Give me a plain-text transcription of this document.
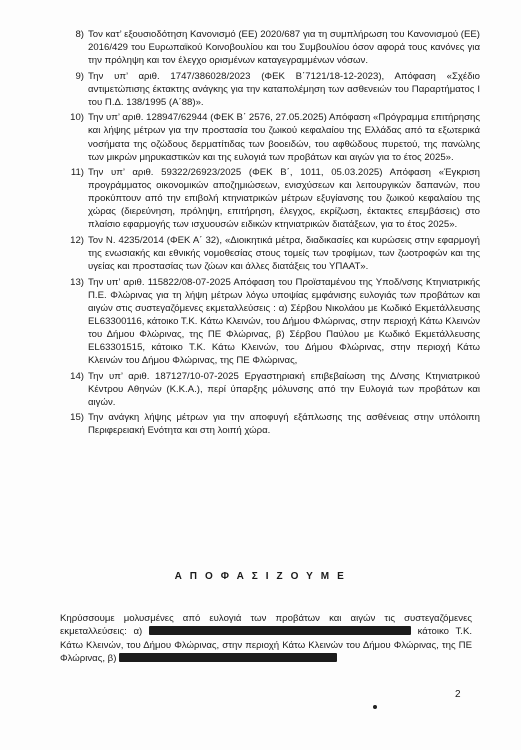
8) Τον κατ’ εξουσιοδότηση Κανονισμό (ΕΕ) 2020/687 για τη συμπλήρωση του Κανονισμού (ΕΕ) 2016/429 του Ευρωπαϊκού Κοινοβουλίου και του Συμβουλίου όσον αφορά τους κανόνες για την πρόληψη και τον έλεγχο ορισμένων καταγεγραμμένων νόσων.
9) Την υπ’ αριθ. 1747/386028/2023 (ΦΕΚ Β΄7121/18-12-2023), Απόφαση «Σχέδιο αντιμετώπισης έκτακτης ανάγκης για την καταπολέμηση των ασθενειών του Παραρτήματος Ι του Π.Δ. 138/1995 (Α΄88)».
10) Την υπ’ αριθ. 128947/62944 (ΦΕΚ Β΄ 2576, 27.05.2025) Απόφαση «Πρόγραμμα επιτήρησης και λήψης μέτρων για την προστασία του ζωικού κεφαλαίου της Ελλάδας από τα εξωτερικά νοσήματα της οζώδους δερματίτιδας των βοοειδών, του αφθώδους πυρετού, της πανώλης των μικρών μηρυκαστικών και της ευλογιά των προβάτων και αιγών για το έτος 2025».
11) Την υπ’ αριθ. 59322/26923/2025 (ΦΕΚ Β΄, 1011, 05.03.2025) Απόφαση «Έγκριση προγράμματος οικονομικών αποζημιώσεων, ενισχύσεων και λειτουργικών δαπανών, που προκύπτουν από την επιβολή κτηνιατρικών μέτρων εξυγίανσης του ζωικού κεφαλαίου της χώρας (διερεύνηση, πρόληψη, επιτήρηση, έλεγχος, εκρίζωση, έκτακτες επεμβάσεις) στο πλαίσιο εφαρμογής των ισχυουσών ειδικών κτηνιατρικών διατάξεων, για το έτος 2025».
12) Τον Ν. 4235/2014 (ΦΕΚ Α΄ 32), «Διοικητικά μέτρα, διαδικασίες και κυρώσεις στην εφαρμογή της ενωσιακής και εθνικής νομοθεσίας στους τομείς των τροφίμων, των ζωοτροφών και της υγείας και προστασίας των ζώων και άλλες διατάξεις του ΥΠΑΑΤ».
13) Την υπ’ αριθ. 115822/08-07-2025 Απόφαση του Προϊσταμένου της Υποδ/νσης Κτηνιατρικής Π.Ε. Φλώρινας για τη λήψη μέτρων λόγω υποψίας εμφάνισης ευλογιάς των προβάτων και αιγών στις συστεγαζόμενες εκμεταλλεύσεις : α) Σέρβου Νικολάου με Κωδικό Εκμετάλλευσης EL63300116, κάτοικο Τ.Κ. Κάτω Κλεινών, του Δήμου Φλώρινας, στην περιοχή Κάτω Κλεινών του Δήμου Φλώρινας, της ΠΕ Φλώρινας, β) Σέρβου Παύλου με Κωδικό Εκμετάλλευσης EL63301515, κάτοικο Τ.Κ. Κάτω Κλεινών, του Δήμου Φλώρινας, στην περιοχή Κάτω Κλεινών του Δήμου Φλώρινας, της ΠΕ Φλώρινας,
14) Την υπ’ αριθ. 187127/10-07-2025 Εργαστηριακή επιβεβαίωση της Δ/νσης Κτηνιατρικού Κέντρου Αθηνών (Κ.Κ.Α.), περί ύπαρξης μόλυνσης από την Ευλογιά των προβάτων και αιγών.
15) Την ανάγκη λήψης μέτρων για την αποφυγή εξάπλωσης της ασθένειας στην υπόλοιπη Περιφερειακή Ενότητα και στη λοιπή χώρα.
Α Π Ο Φ Α Σ Ι Ζ Ο Υ Μ Ε
Κηρύσσουμε μολυσμένες από ευλογιά των προβάτων και αιγών τις συστεγαζόμενες εκμεταλλεύσεις: α)	κάτοικο Τ.Κ. Κάτω Κλεινών, του Δήμου Φλώρινας, στην περιοχή Κάτω Κλεινών του Δήμου Φλώρινας, της ΠΕ Φλώρινας, β)
2
